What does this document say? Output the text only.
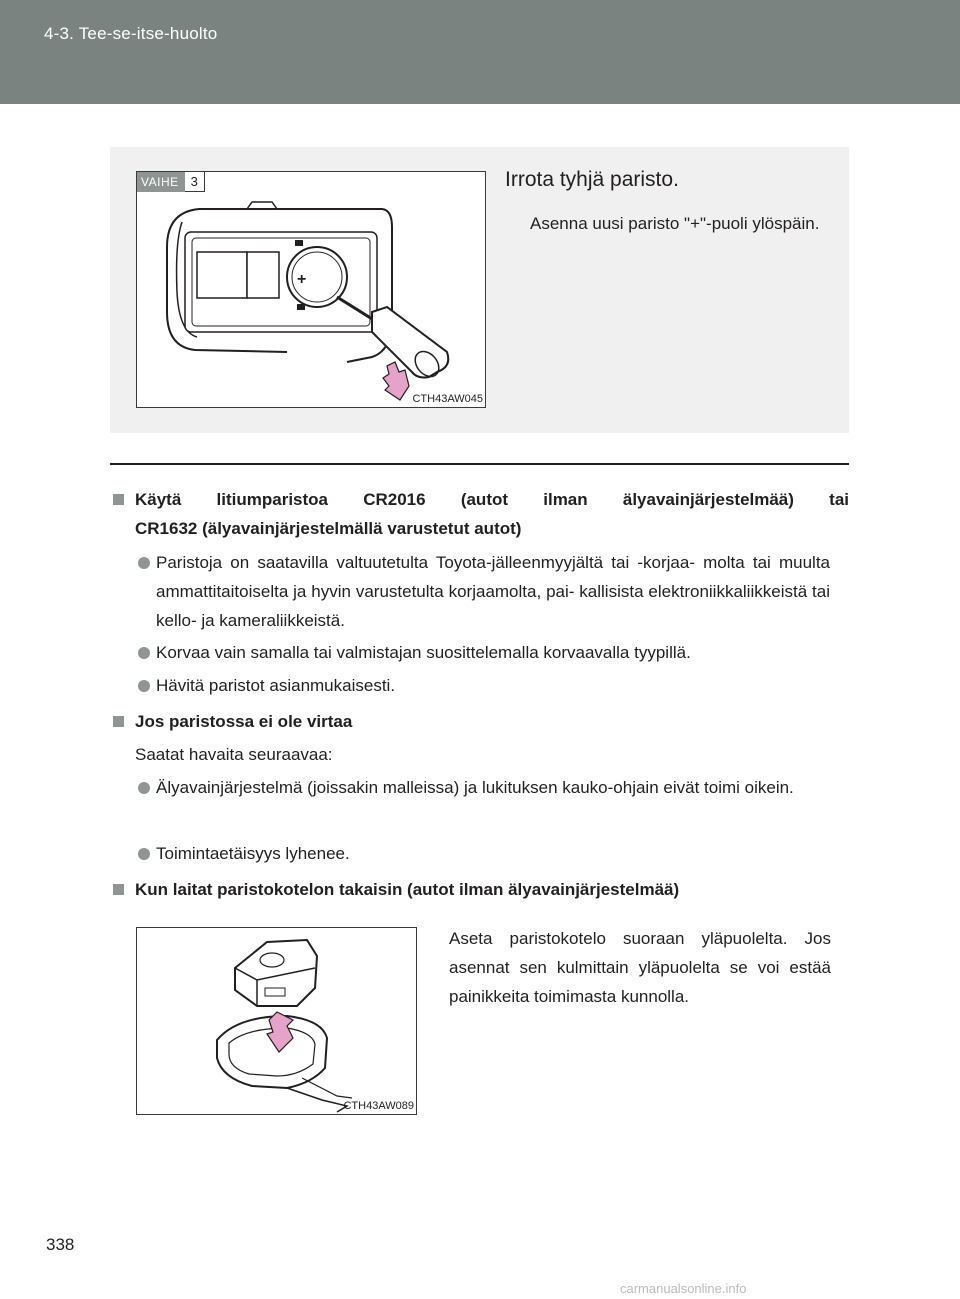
4-3. Tee-se-itse-huolto
+
VAIHE 3
CTH43AW045
Irrota tyhjä paristo.
Asenna uusi paristo "+"-puoli ylöspäin.
Käytä litiumparistoa CR2016 (autot ilman älyavainjärjestelmää) tai
CR1632 (älyavainjärjestelmällä varustetut autot)
Paristoja on saatavilla valtuutetulta Toyota-jälleenmyyjältä tai -korjaa- molta tai muulta ammattitaitoiselta ja hyvin varustetulta korjaamolta, pai- kallisista elektroniikkaliikkeistä tai kello- ja kameraliikkeistä.
Korvaa vain samalla tai valmistajan suosittelemalla korvaavalla tyypillä.
Hävitä paristot asianmukaisesti.
Jos paristossa ei ole virtaa
Saatat havaita seuraavaa:
Älyavainjärjestelmä (joissakin malleissa) ja lukituksen kauko-ohjain eivät toimi oikein.
Toimintaetäisyys lyhenee.
Kun laitat paristokotelon takaisin (autot ilman älyavainjärjestelmää)
Aseta paristokotelo suoraan yläpuolelta. Jos asennat sen kulmittain yläpuolelta se voi estää painikkeita toimimasta kunnolla.
CTH43AW089
338
carmanualsonline.info
